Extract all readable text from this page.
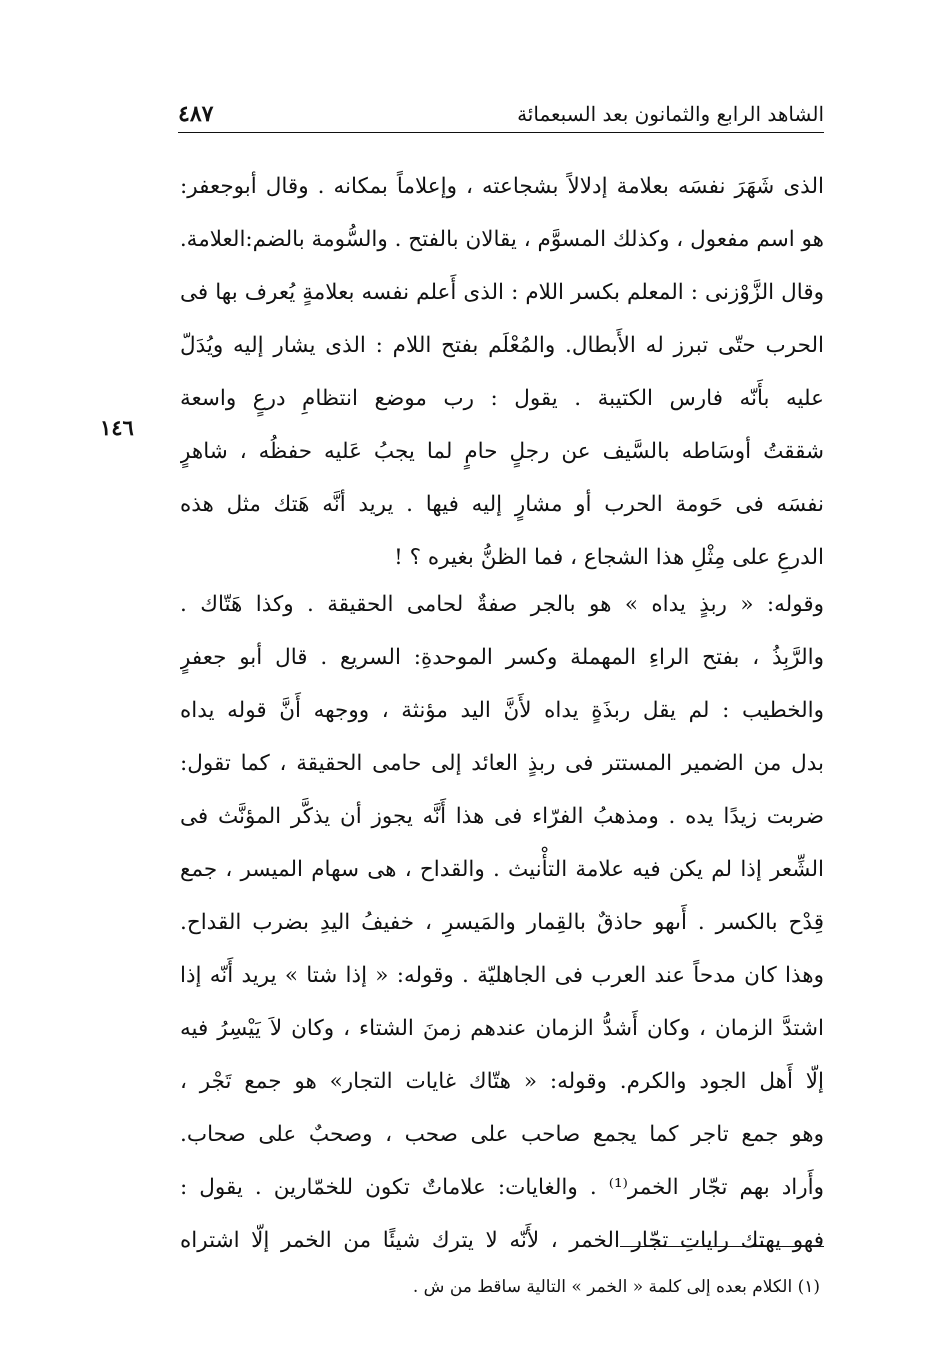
٤٨٧	الشاهد الرابع والثمانون بعد السبعمائة
١٤٦
الذى شَهَرَ نفسَه بعلامة إدلالاً بشجاعته ، وإعلاماً بمكانه . وقال أبوجعفر:
هو اسم مفعول ، وكذلك المسوَّم ، يقالان بالفتح . والسُّومة بالضم:العلامة.
وقال الزَّوْزنى : المعلم بكسر اللام : الذى أَعلم نفسه بعلامةٍ يُعرف بها فى
الحرب حتّى تبرز له الأَبطال. والمُعْلَم بفتح اللام : الذى يشار إليه ويُدَلّ
عليه بأَنّه فارس الكتيبة . يقول : رب موضع انتظامِ درعٍ واسعة
شققتُ أوسَاطه بالسَّيف عن رجلٍ حامٍ لما يجبُ عَليه حفظُه ، شاهرٍ
نفسَه فى حَومة الحرب أو مشارٍ إليه فيها . يريد أنَّه هَتك مثل هذه
الدرعِ على مِثْلِ هذا الشجاع ، فما الظنُّ بغيره ؟ !
وقوله: « ربذٍ يداه » هو بالجر صفةٌ لحامى الحقيقة . وكذا هَتّاك .
والرَّبِذُ ، بفتح الراءِ المهملة وكسر الموحدةِ: السريع . قال أبو جعفرٍ
والخطيب : لم يقل ربذَةٍ يداه لأَنَّ اليد مؤنثة ، ووجهه أَنَّ قوله يداه
بدل من الضمير المستتر فى ربذٍ العائد إلى حامى الحقيقة ، كما تقول:
ضربت زيدًا يده . ومذهبُ الفرّاء فى هذا أَنَّه يجوز أن يذكَّر المؤنَّث فى
الشِّعر إذا لم يكن فيه علامة التأْنيث . والقداح ، هى سهام الميسر ، جمع
قِدْح بالكسر . أَىهو حاذقٌ بالقِمار والمَيسرِ ، خفيفُ اليدِ بضرب القداح.
وهذا كان مدحاً عند العرب فى الجاهليّة . وقوله: « إذا شتا » يريد أَنّه إذا
اشتدَّ الزمان ، وكان أَشدُّ الزمان عندهم زمنَ الشتاء ، وكان لاَ يَيْسِرُ فيه
إلّا أَهل الجود والكرم. وقوله: « هتّاك غايات التجار» هو جمع تَجْر ،
وهو جمع تاجر كما يجمع صاحب على صحب ، وصحبٌ على صحاب.
وأَراد بهم تجّار الخمر⁽¹⁾ . والغايات: علاماتٌ تكون للخمّارين . يقول :
فهو يهتك راياتِ تجّار الخمر ، لأَنّه لا يترك شيئًا من الخمر إلّا اشتراه
(١) الكلام بعده إلى كلمة « الخمر » التالية ساقط من ش .
